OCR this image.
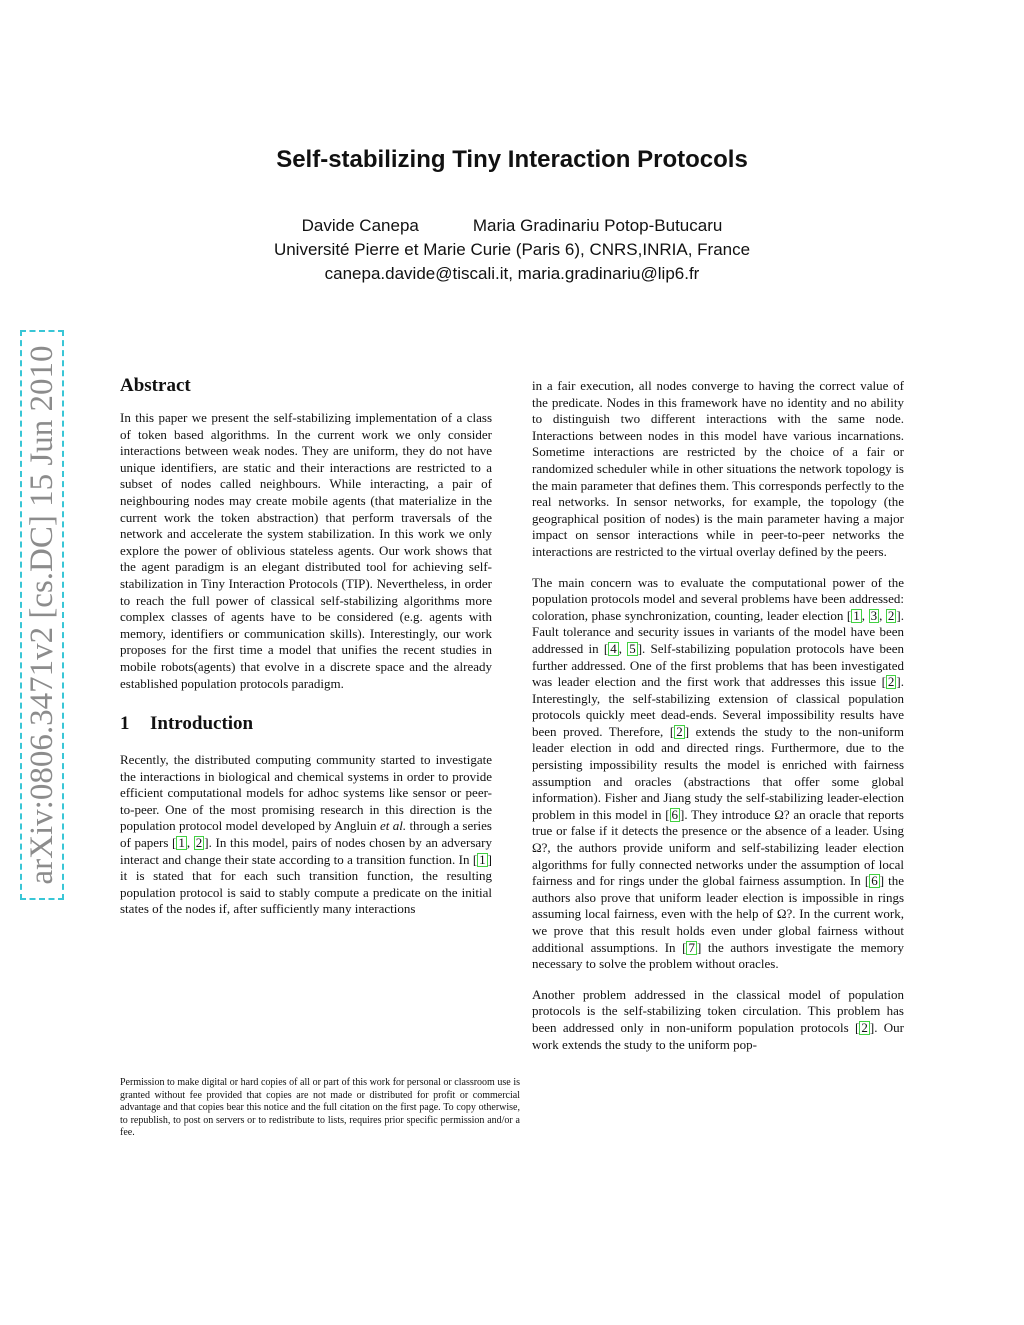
Self-stabilizing Tiny Interaction Protocols
Davide Canepa	Maria Gradinariu Potop-Butucaru
Université Pierre et Marie Curie (Paris 6), CNRS,INRIA, France
canepa.davide@tiscali.it, maria.gradinariu@lip6.fr
arXiv:0806.3471v2 [cs.DC] 15 Jun 2010	Abstract

In this paper we present the self-stabilizing implementation of a class of token based algorithms. In the current work we only consider interactions between weak nodes. They are uniform, they do not have unique identifiers, are static and their interactions are restricted to a subset of nodes called neighbours. While interacting, a pair of neighbouring nodes may create mobile agents (that materialize in the current work the token abstraction) that perform traversals of the network and accelerate the system stabilization. In this work we only explore the power of oblivious stateless agents. Our work shows that the agent paradigm is an elegant distributed tool for achieving self-stabilization in Tiny Interaction Protocols (TIP). Nevertheless, in order to reach the full power of classical self-stabilizing algorithms more complex classes of agents have to be considered (e.g. agents with memory, identifiers or communication skills). Interestingly, our work proposes for the first time a model that unifies the recent studies in mobile robots(agents) that evolve in a discrete space and the already established population protocols paradigm.

1 Introduction

Recently, the distributed computing community started to investigate the interactions in biological and chemical systems in order to provide efficient computational models for adhoc systems like sensor or peer-to-peer. One of the most promising research in this direction is the population protocol model developed by Angluin et al. through a series of papers [ 1 , 2 ]. In this model, pairs of nodes chosen by an adversary interact and change their state according to a transition function. In [ 1 ] it is stated that for each such transition function, the resulting population protocol is said to stably compute a predicate on the initial states of the nodes if, after sufficiently many interactions

in a fair execution, all nodes converge to having the correct value of the predicate. Nodes in this framework have no identity and no ability to distinguish two different interactions with the same node. Interactions between nodes in this model have various incarnations. Sometime interactions are restricted by the choice of a fair or randomized scheduler while in other situations the network topology is the main parameter that defines them. This corresponds perfectly to the real networks. In sensor networks, for example, the topology (the geographical position of nodes) is the main parameter having a major impact on sensor interactions while in peer-to-peer networks the interactions are restricted to the virtual overlay defined by the peers.

The main concern was to evaluate the computational power of the population protocols model and several problems have been addressed: coloration, phase synchronization, counting, leader election [ 1 , 3 , 2 ]. Fault tolerance and security issues in variants of the model have been addressed in [ 4 , 5 ]. Self-stabilizing population protocols have been further addressed. One of the first problems that has been investigated was leader election and the first work that addresses this issue [ 2 ]. Interestingly, the self-stabilizing extension of classical population protocols quickly meet dead-ends. Several impossibility results have been proved. Therefore, [ 2 ] extends the study to the non-uniform leader election in odd and directed rings. Furthermore, due to the persisting impossibility results the model is enriched with fairness assumption and oracles (abstractions that offer some global information). Fisher and Jiang study the self-stabilizing leader-election problem in this model in [ 6 ]. They introduce Ω? an oracle that reports true or false if it detects the presence or the absence of a leader. Using Ω?, the authors provide uniform and self-stabilizing leader election algorithms for fully connected networks under the assumption of local fairness and for rings under the global fairness assumption. In [ 6 ] the authors also prove that uniform leader election is impossible in rings assuming local fairness, even with the help of Ω?. In the current work, we prove that this result holds even under global fairness without additional assumptions. In [ 7 ] the authors investigate the memory necessary to solve the problem without oracles.

Another problem addressed in the classical model of population protocols is the self-stabilizing token circulation. This problem has been addressed only in non-uniform population protocols [ 2 ]. Our work extends the study to the uniform pop-

Permission to make digital or hard copies of all or part of this work for personal or classroom use is granted without fee provided that copies are not made or distributed for profit or commercial advantage and that copies bear this notice and the full citation on the first page. To copy otherwise, to republish, to post on servers or to redistribute to lists, requires prior specific permission and/or a fee.
